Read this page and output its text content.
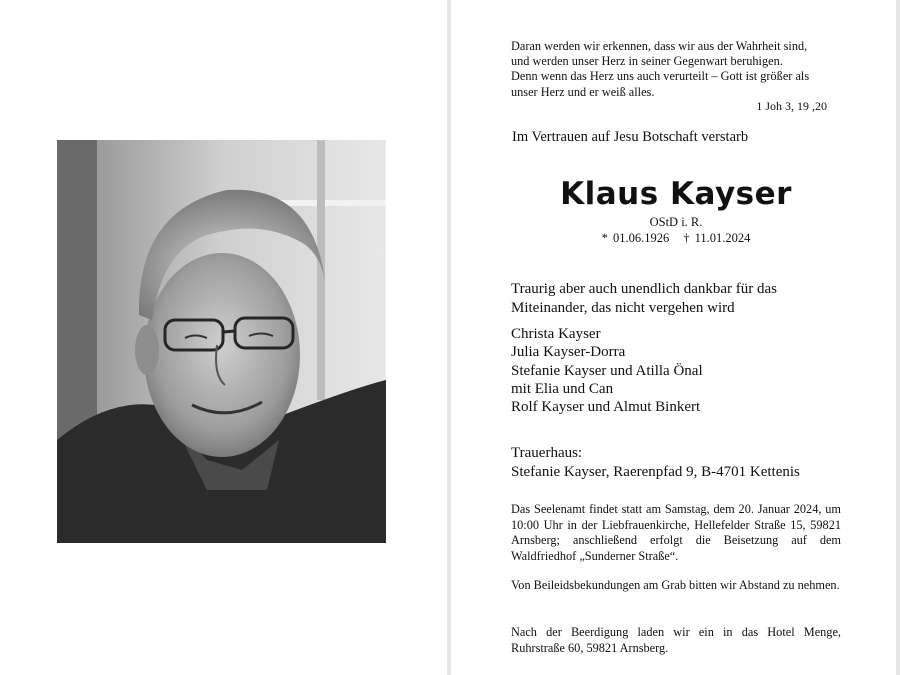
Daran werden wir erkennen, dass wir aus der Wahrheit sind,
und werden unser Herz in seiner Gegenwart beruhigen.
Denn wenn das Herz uns auch verurteilt – Gott ist größer als
unser Herz und er weiß alles.

1 Joh 3, 19 ,20

Im Vertrauen auf Jesu Botschaft verstarb

Klaus Kayser

OStD i. R.

* 01.06.1926 † 11.01.2024

Traurig aber auch unendlich dankbar für das
Miteinander, das nicht vergehen wird

Christa Kayser
Julia Kayser-Dorra
Stefanie Kayser und Atilla Önal
mit Elia und Can
Rolf Kayser und Almut Binkert

Trauerhaus:

Stefanie Kayser, Raerenpfad 9, B-4701 Kettenis

Das Seelenamt findet statt am Samstag, dem 20. Januar 2024, um 10:00 Uhr in der Liebfrauenkirche, Hellefelder Straße 15, 59821 Arnsberg; anschließend erfolgt die Beisetzung auf dem Waldfriedhof „Sunderner Straße“.

Von Beileidsbekundungen am Grab bitten wir Abstand zu nehmen.

Nach der Beerdigung laden wir ein in das Hotel Menge, Ruhrstraße 60, 59821 Arnsberg.
